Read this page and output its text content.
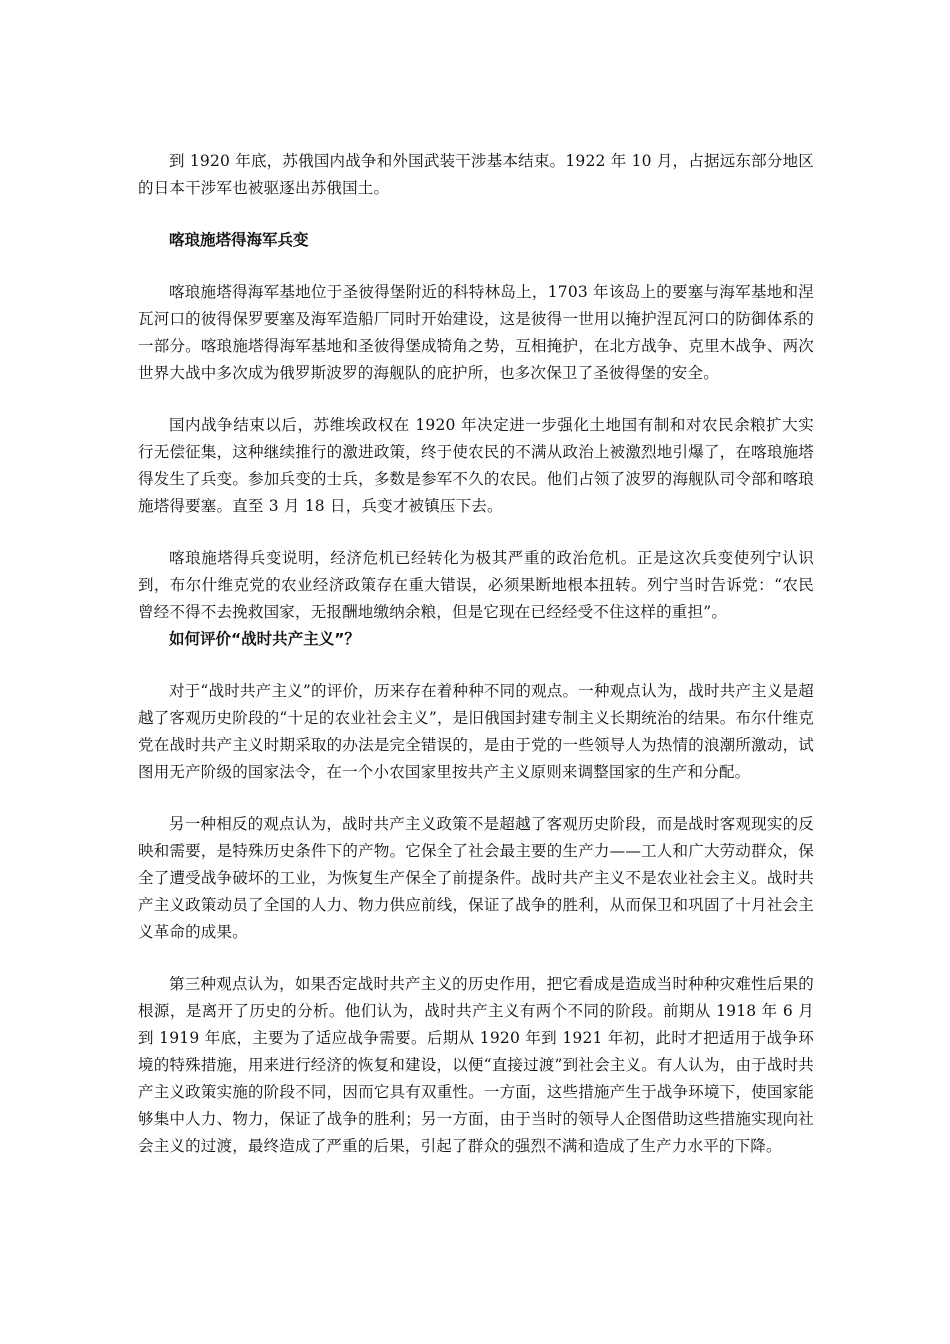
到 1920 年底，苏俄国内战争和外国武装干涉基本结束。1922 年 10 月，占据远东部分地区的日本干涉军也被驱逐出苏俄国土。

喀琅施塔得海军兵变

喀琅施塔得海军基地位于圣彼得堡附近的科特林岛上，1703 年该岛上的要塞与海军基地和涅瓦河口的彼得保罗要塞及海军造船厂同时开始建设，这是彼得一世用以掩护涅瓦河口的防御体系的一部分。喀琅施塔得海军基地和圣彼得堡成犄角之势，互相掩护，在北方战争、克里木战争、两次世界大战中多次成为俄罗斯波罗的海舰队的庇护所，也多次保卫了圣彼得堡的安全。

国内战争结束以后，苏维埃政权在 1920 年决定进一步强化土地国有制和对农民余粮扩大实行无偿征集，这种继续推行的激进政策，终于使农民的不满从政治上被激烈地引爆了，在喀琅施塔得发生了兵变。参加兵变的士兵，多数是参军不久的农民。他们占领了波罗的海舰队司令部和喀琅施塔得要塞。直至 3 月 18 日，兵变才被镇压下去。

喀琅施塔得兵变说明，经济危机已经转化为极其严重的政治危机。正是这次兵变使列宁认识到，布尔什维克党的农业经济政策存在重大错误，必须果断地根本扭转。列宁当时告诉党：“农民曾经不得不去挽救国家，无报酬地缴纳余粮，但是它现在已经经受不住这样的重担”。

如何评价“战时共产主义”？

对于“战时共产主义”的评价，历来存在着种种不同的观点。一种观点认为，战时共产主义是超越了客观历史阶段的“十足的农业社会主义”，是旧俄国封建专制主义长期统治的结果。布尔什维克党在战时共产主义时期采取的办法是完全错误的，是由于党的一些领导人为热情的浪潮所激动，试图用无产阶级的国家法令，在一个小农国家里按共产主义原则来调整国家的生产和分配。

另一种相反的观点认为，战时共产主义政策不是超越了客观历史阶段，而是战时客观现实的反映和需要，是特殊历史条件下的产物。它保全了社会最主要的生产力——工人和广大劳动群众，保全了遭受战争破坏的工业，为恢复生产保全了前提条件。战时共产主义不是农业社会主义。战时共产主义政策动员了全国的人力、物力供应前线，保证了战争的胜利，从而保卫和巩固了十月社会主义革命的成果。

第三种观点认为，如果否定战时共产主义的历史作用，把它看成是造成当时种种灾难性后果的根源，是离开了历史的分析。他们认为，战时共产主义有两个不同的阶段。前期从 1918 年 6 月到 1919 年底，主要为了适应战争需要。后期从 1920 年到 1921 年初，此时才把适用于战争环境的特殊措施，用来进行经济的恢复和建设，以便“直接过渡”到社会主义。有人认为，由于战时共产主义政策实施的阶段不同，因而它具有双重性。一方面，这些措施产生于战争环境下，使国家能够集中人力、物力，保证了战争的胜利；另一方面，由于当时的领导人企图借助这些措施实现向社会主义的过渡，最终造成了严重的后果，引起了群众的强烈不满和造成了生产力水平的下降。
